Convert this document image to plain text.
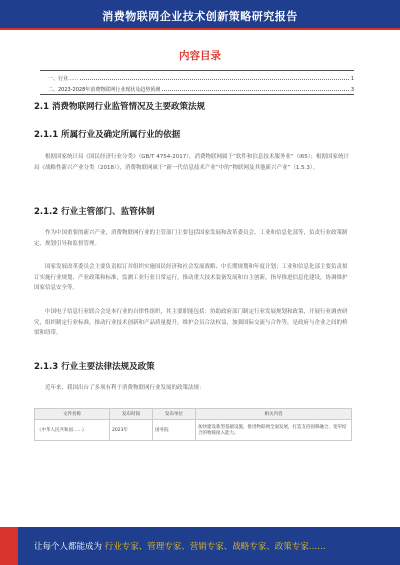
消费物联网企业技术创新策略研究报告
内容目录
一、行业……	1
二、2023-2028年消费物联网行业现状及趋势预测	3
2.1 消费物联网行业监管情况及主要政策法规
2.1.1 所属行业及确定所属行业的依据

根据国家统计局《国民经济行业分类》（GB/T 4754-2017），消费物联网属于“软件和信息技术服务业”（I65）；根据国家统计局《战略性新兴产业分类（2018）》，消费物联网属于“新一代信息技术产业”中的“物联网及其他新兴产业”（1.5.3）。

2.1.2 行业主管部门、监管体制

作为中国重要的新兴产业，消费物联网行业的主管部门主要包括国家发展和改革委员会、工业和信息化部等，负责行业政策制定、规划引导和监督管理。

国家发展改革委员会主要负责拟订并组织实施国民经济和社会发展战略、中长期规划和年度计划；工业和信息化部主要负责拟订实施行业规划、产业政策和标准，监测工业行业日常运行，推动重大技术装备发展和自主创新，指导推进信息化建设，协调维护国家信息安全等。

中国电子信息行业联合会是本行业的自律性组织，其主要职能包括：协助政府部门制定行业发展规划和政策，开展行业调查研究，组织制定行业标准，推动行业技术创新和产品质量提升，维护会员合法权益，加强国际交流与合作等，是政府与企业之间的桥梁和纽带。

2.1.3 行业主要法律法规及政策

近年来，我国出台了多项有利于消费物联网行业发展的政策法规：

文件名称	发布时间	发布单位	相关内容
《中华人民共和国……》	2023年	国务院	加快建设新型基础设施，推进物联网全面发展，打造支持固移融合、宽窄结合的物联接入能力。
让每个人都能成为 行业专家、管理专家、营销专家、战略专家、政策专家……
